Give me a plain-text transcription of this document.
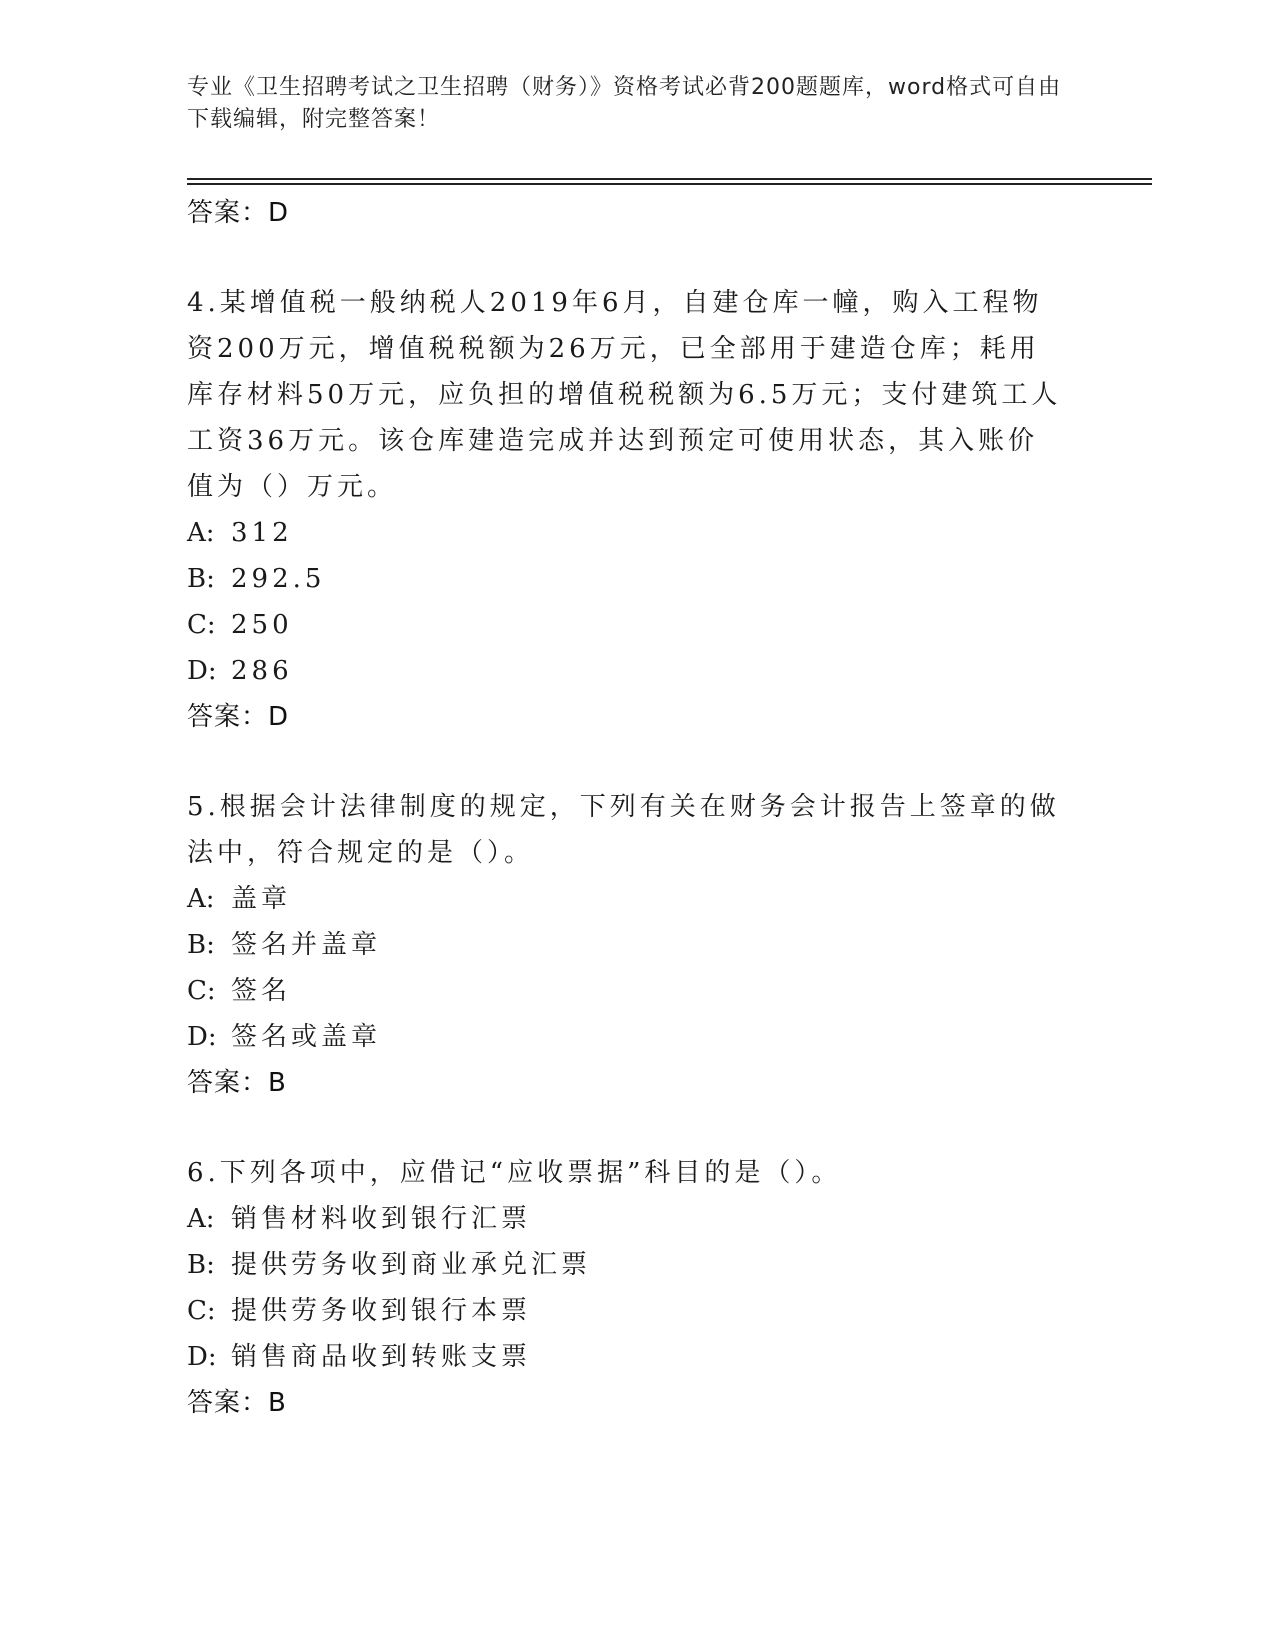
专业《卫生招聘考试之卫生招聘（财务）》资格考试必背200题题库，word格式可自由下载编辑，附完整答案！
答案：D
4.某增值税一般纳税人2019年6月，自建仓库一幢，购入工程物资200万元，增值税税额为26万元，已全部用于建造仓库；耗用库存材料50万元，应负担的增值税税额为6.5万元；支付建筑工人工资36万元。该仓库建造完成并达到预定可使用状态，其入账价值为（）万元。
A: 312
B: 292.5
C: 250
D: 286
答案：D
5.根据会计法律制度的规定，下列有关在财务会计报告上签章的做法中，符合规定的是（）。
A: 盖章
B: 签名并盖章
C: 签名
D: 签名或盖章
答案：B
6.下列各项中，应借记“应收票据”科目的是（）。
A: 销售材料收到银行汇票
B: 提供劳务收到商业承兑汇票
C: 提供劳务收到银行本票
D: 销售商品收到转账支票
答案：B
